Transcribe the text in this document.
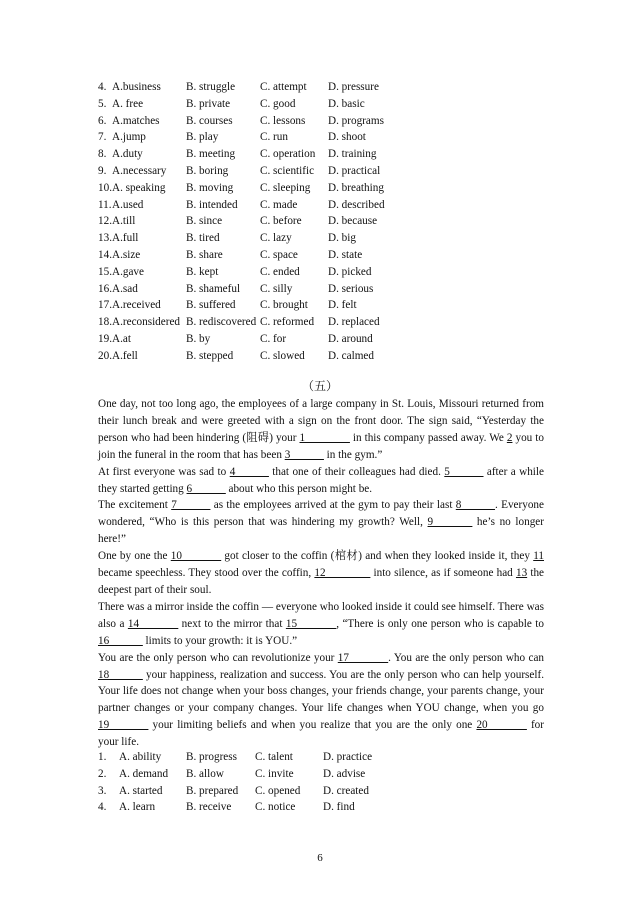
4. A.business B. struggle C. attempt D. pressure
5. A. free	B. private	C. good	D. basic
6. A.matches B. courses C. lessons D. programs
7. A.jump	B. play	C. run	D. shoot
8. A.duty	B. meeting C. operation D. training
9. A.necessary B. boring	C. scientific D. practical
10. A. speaking B. moving C. sleeping D. breathing
11. A.used	B. intended C. made	D. described
12. A.till	B. since	C. before D. because
13. A.full	B. tired	C. lazy	D. big
14. A.size	B. share	C. space	D. state
15. A.gave	B. kept	C. ended	D. picked
16. A.sad	B. shameful C. silly	D. serious
17. A.received B. suffered C. brought D. felt
18. A.reconsidered B. rediscovered C. reformed D. replaced
19. A.at	B. by	C. for	D. around
20. A.fell	B. stepped C. slowed D. calmed
（五）

One day, not too long ago, the employees of a large company in St. Louis, Missouri returned from their lunch break and were greeted with a sign on the front door. The sign said, “Yesterday the person who had been hindering (阻碍) your 1________ in this company passed away. We 2 you to join the funeral in the room that has been 3______ in the gym.”

At first everyone was sad to 4______ that one of their colleagues had died. 5______ after a while they started getting 6______ about who this person might be.

The excitement 7______ as the employees arrived at the gym to pay their last 8______. Everyone wondered, “Who is this person that was hindering my growth? Well, 9_______ he’s no longer here!”

One by one the 10_______ got closer to the coffin (棺材) and when they looked inside it, they 11 became speechless. They stood over the coffin, 12________ into silence, as if someone had 13 the deepest part of their soul.

There was a mirror inside the coffin — everyone who looked inside it could see himself. There was also a 14_______ next to the mirror that 15_______, “There is only one person who is capable to 16______ limits to your growth: it is YOU.”

You are the only person who can revolutionize your 17_______. You are the only person who can 18______ your happiness, realization and success. You are the only person who can help yourself. Your life does not change when your boss changes, your friends change, your parents change, your partner changes or your company changes. Your life changes when YOU change, when you go 19_______ your limiting beliefs and when you realize that you are the only one 20_______ for your life.

1. A. ability B. progress C. talent	D. practice
2. A. demand B. allow	C. invite	D. advise
3. A. started B. prepared C. opened D. created
4. A. learn	B. receive C. notice D. find
6
